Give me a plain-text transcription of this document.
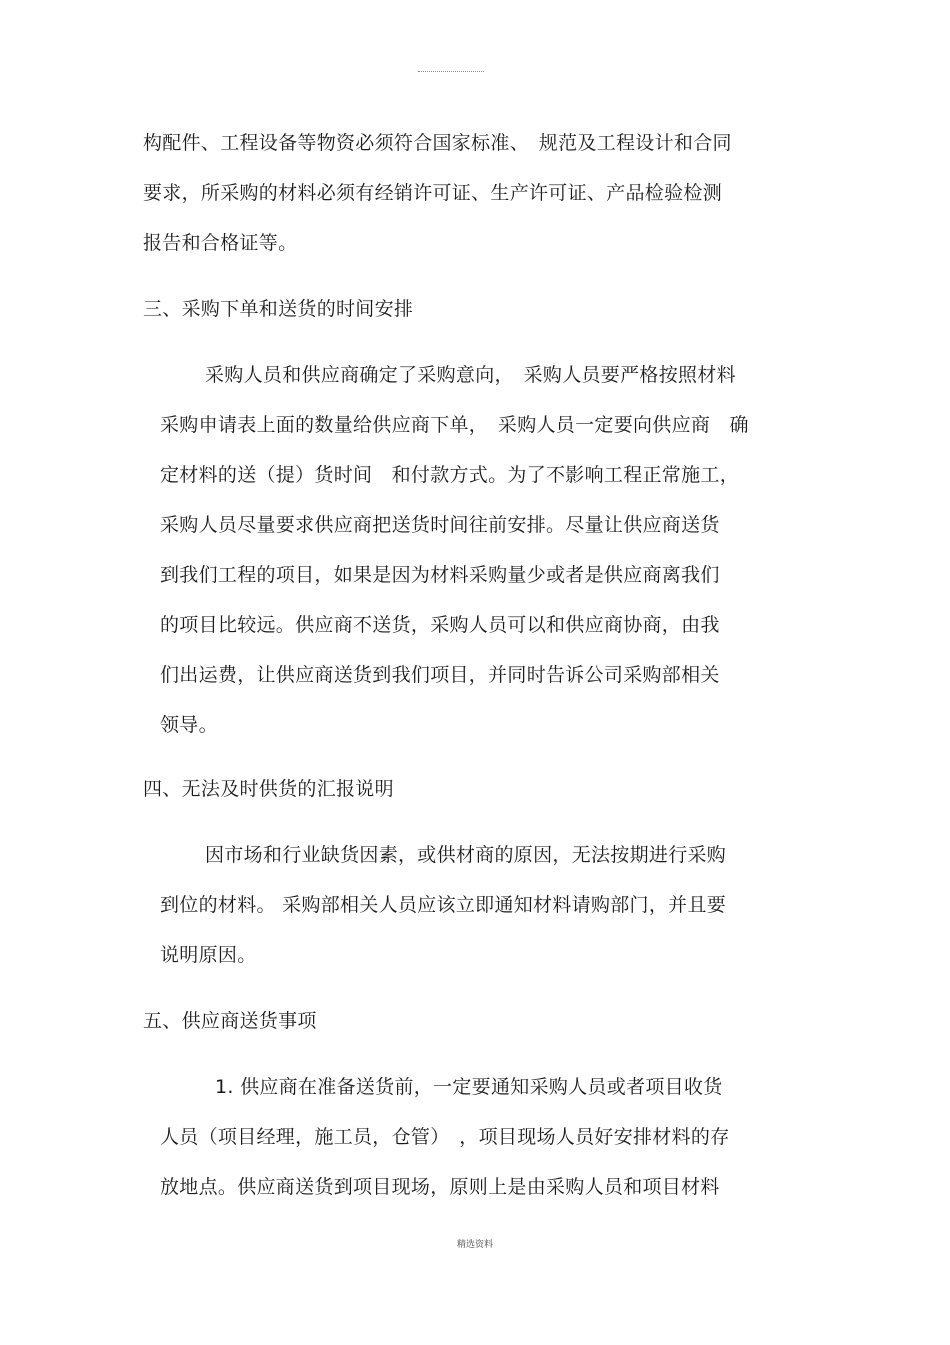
构配件、工程设备等物资必须符合国家标准、　规范及工程设计和合同
要求，所采购的材料必须有经销许可证、生产许可证、产品检验检测
报告和合格证等。
三、采购下单和送货的时间安排
采购人员和供应商确定了采购意向，　采购人员要严格按照材料
采购申请表上面的数量给供应商下单，　采购人员一定要向供应商　确
定材料的送（提）货时间　和付款方式。为了不影响工程正常施工，
采购人员尽量要求供应商把送货时间往前安排。尽量让供应商送货
到我们工程的项目，如果是因为材料采购量少或者是供应商离我们
的项目比较远。供应商不送货，采购人员可以和供应商协商，由我
们出运费，让供应商送货到我们项目，并同时告诉公司采购部相关
领导。
四、无法及时供货的汇报说明
因市场和行业缺货因素，或供材商的原因，无法按期进行采购
到位的材料。 采购部相关人员应该立即通知材料请购部门，并且要
说明原因。
五、供应商送货事项
1. 供应商在准备送货前，一定要通知采购人员或者项目收货
人员（项目经理，施工员，仓管）　，项目现场人员好安排材料的存
放地点。供应商送货到项目现场，原则上是由采购人员和项目材料
精选资料
